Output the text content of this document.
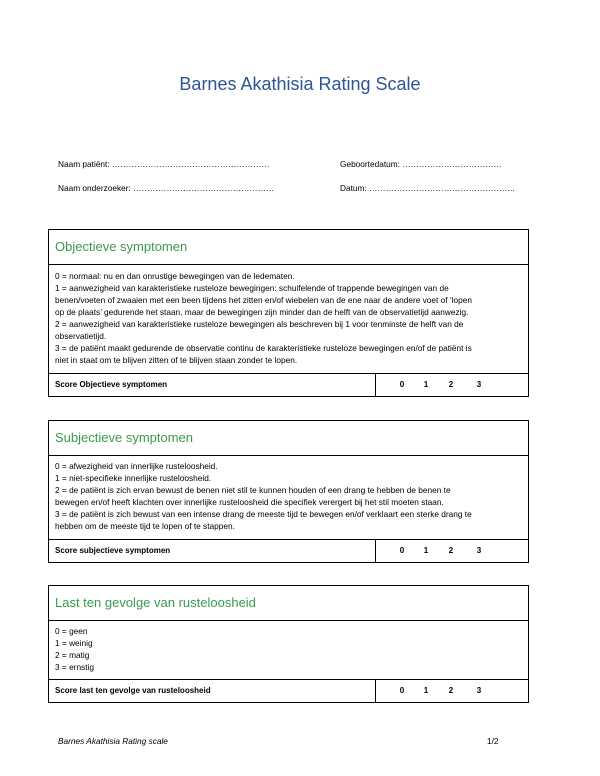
Barnes Akathisia Rating Scale
Naam patiënt: …………………………………………………	Geboortedatum: ………………………………
Naam onderzoeker: ……………………………………………	Datum: ……………………………………………..
Objectieve symptomen

0 = normaal: nu en dan onrustige bewegingen van de ledematen.

1 = aanwezigheid van karakteristieke rusteloze bewegingen: schuifelende of trappende bewegingen van de

benen/voeten of zwaaien met een been tijdens het zitten en/of wiebelen van de ene naar de andere voet of ‘lopen

op de plaats’ gedurende het staan, maar de bewegingen zijn minder dan de helft van de observatietijd aanwezig.

2 = aanwezigheid van karakteristieke rusteloze bewegingen als beschreven bij 1 voor tenminste de helft van de

observatietijd.

3 = de patiënt maakt gedurende de observatie continu de karakteristieke rusteloze bewegingen en/of de patiënt is

niet in staat om te blijven zitten of te blijven staan zonder te lopen.

Score Objectieve symptomen	0	1	2	3
Subjectieve symptomen

0 = afwezigheid van innerlijke rusteloosheid.

1 = niet-specifieke innerlijke rusteloosheid.

2 = de patiënt is zich ervan bewust de benen niet stil te kunnen houden of een drang te hebben de benen te

bewegen en/of heeft klachten over innerlijke rusteloosheid die specifiek verergert bij het stil moeten staan.

3 = de patiënt is zich bewust van een intense drang de meeste tijd te bewegen en/of verklaart een sterke drang te

hebben om de meeste tijd te lopen of te stappen.

Score subjectieve symptomen	0	1	2	3
Last ten gevolge van rusteloosheid

0 = geen

1 = weinig

2 = matig

3 = ernstig

Score last ten gevolge van rusteloosheid	0	1	2	3
Barnes Akathisia Rating scale	1/2
